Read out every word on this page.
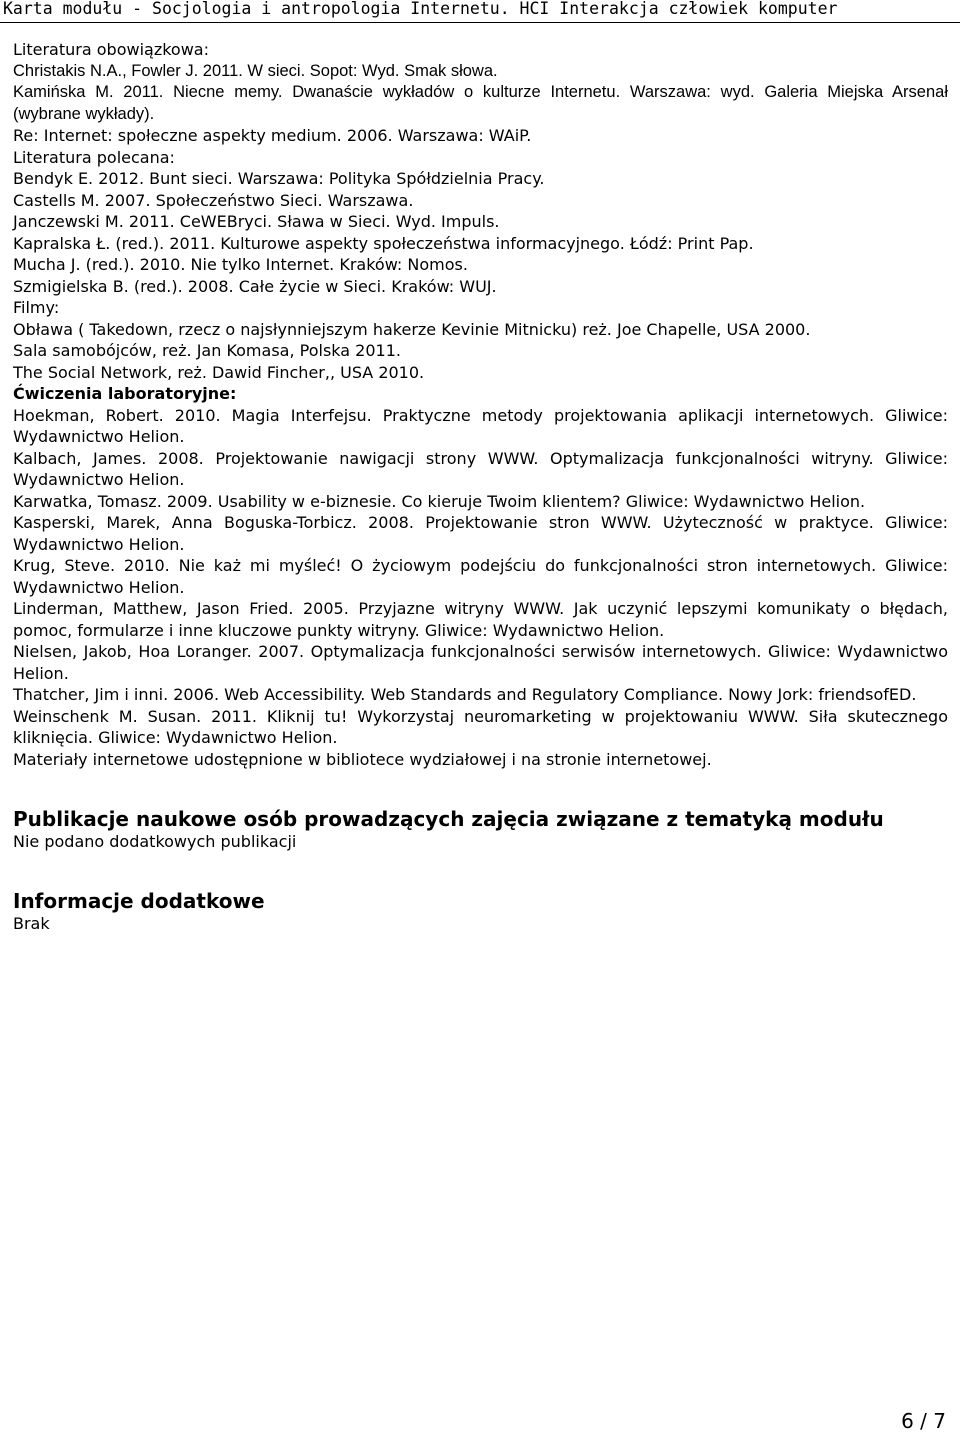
Karta modułu - Socjologia i antropologia Internetu. HCI Interakcja człowiek komputer

Literatura obowiązkowa:

Christakis N.A., Fowler J. 2011. W sieci. Sopot: Wyd. Smak słowa.

Kamińska M. 2011. Niecne memy. Dwanaście wykładów o kulturze Internetu. Warszawa: wyd. Galeria Miejska Arsenał (wybrane wykłady).

Re: Internet: społeczne aspekty medium. 2006. Warszawa: WAiP.

Literatura polecana:

Bendyk E. 2012. Bunt sieci. Warszawa: Polityka Spółdzielnia Pracy.

Castells M. 2007. Społeczeństwo Sieci. Warszawa.

Janczewski M. 2011. CeWEBryci. Sława w Sieci. Wyd. Impuls.

Kapralska Ł. (red.). 2011. Kulturowe aspekty społeczeństwa informacyjnego. Łódź: Print Pap.

Mucha J. (red.). 2010. Nie tylko Internet. Kraków: Nomos.

Szmigielska B. (red.). 2008. Całe życie w Sieci. Kraków: WUJ.

Filmy:

Obława ( Takedown, rzecz o najsłynniejszym hakerze Kevinie Mitnicku) reż. Joe Chapelle, USA 2000.

Sala samobójców, reż. Jan Komasa, Polska 2011.

The Social Network, reż. Dawid Fincher,, USA 2010.

Ćwiczenia laboratoryjne:

Hoekman, Robert. 2010. Magia Interfejsu. Praktyczne metody projektowania aplikacji internetowych. Gliwice: Wydawnictwo Helion.

Kalbach, James. 2008. Projektowanie nawigacji strony WWW. Optymalizacja funkcjonalności witryny. Gliwice: Wydawnictwo Helion.

Karwatka, Tomasz. 2009. Usability w e-biznesie. Co kieruje Twoim klientem? Gliwice: Wydawnictwo Helion.

Kasperski, Marek, Anna Boguska-Torbicz. 2008. Projektowanie stron WWW. Użyteczność w praktyce. Gliwice: Wydawnictwo Helion.

Krug, Steve. 2010. Nie każ mi myśleć! O życiowym podejściu do funkcjonalności stron internetowych. Gliwice: Wydawnictwo Helion.

Linderman, Matthew, Jason Fried. 2005. Przyjazne witryny WWW. Jak uczynić lepszymi komunikaty o błędach, pomoc, formularze i inne kluczowe punkty witryny. Gliwice: Wydawnictwo Helion.

Nielsen, Jakob, Hoa Loranger. 2007. Optymalizacja funkcjonalności serwisów internetowych. Gliwice: Wydawnictwo Helion.

Thatcher, Jim i inni. 2006. Web Accessibility. Web Standards and Regulatory Compliance. Nowy Jork: friendsofED.

Weinschenk M. Susan. 2011. Kliknij tu! Wykorzystaj neuromarketing w projektowaniu WWW. Siła skutecznego kliknięcia. Gliwice: Wydawnictwo Helion.

Materiały internetowe udostępnione w bibliotece wydziałowej i na stronie internetowej.

Publikacje naukowe osób prowadzących zajęcia związane z tematyką modułu

Nie podano dodatkowych publikacji

Informacje dodatkowe

Brak

6 / 7
